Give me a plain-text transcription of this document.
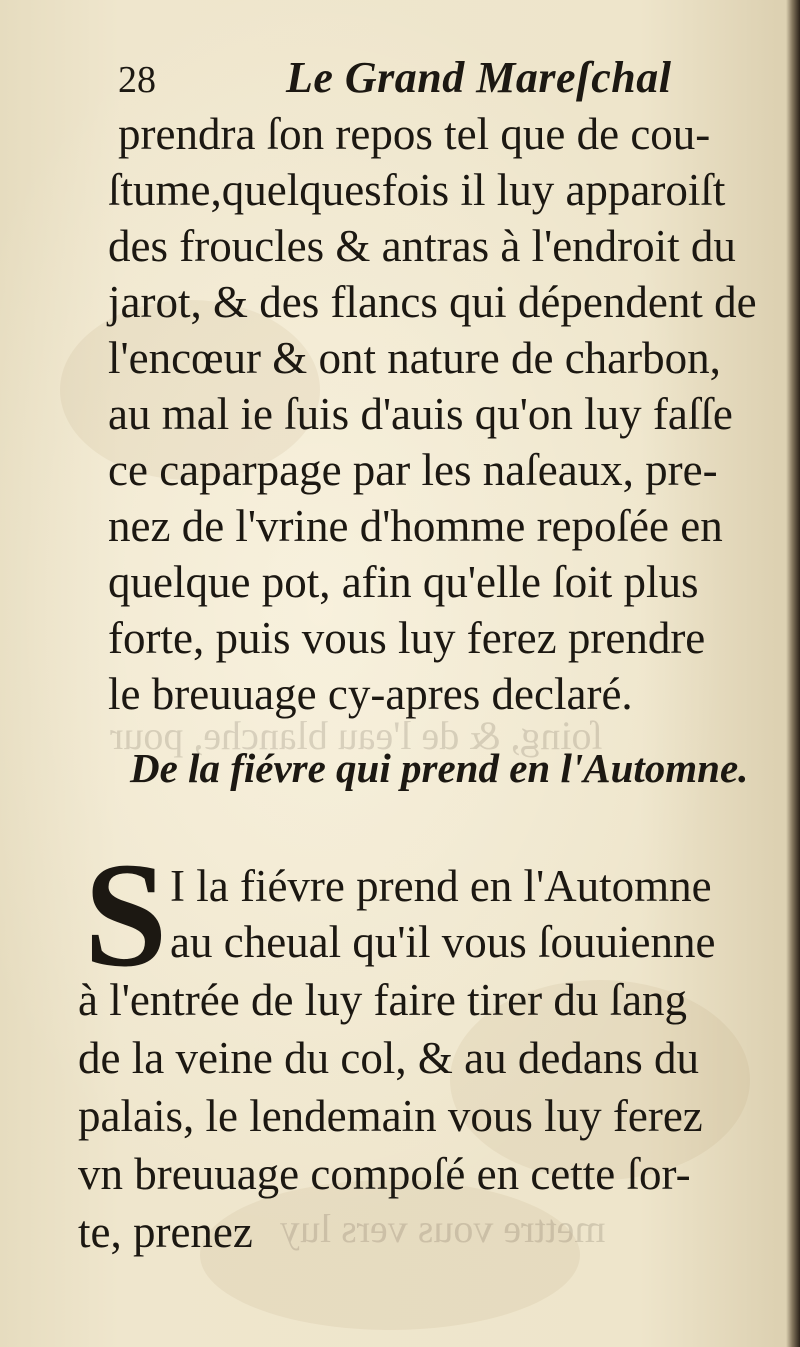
ſoing, & de l'eau blanche, pour
mettre vous vers luy
28	Le Grand Mareſchal
prendra ſon repos tel que de cou-
ſtume,quelquesfois il luy apparoiſt
des froucles & antras à l'endroit du
jarot, & des flancs qui dépendent de
l'encœur & ont nature de charbon,
au mal ie ſuis d'auis qu'on luy faſſe
ce caparpage par les naſeaux, pre-
nez de l'vrine d'homme repoſée en
quelque pot, afin qu'elle ſoit plus
forte, puis vous luy ferez prendre
le breuuage cy-apres declaré.
De la fiévre qui prend en l'Automne.
S I la fiévre prend en l'Automne
au cheual qu'il vous ſouuienne
à l'entrée de luy faire tirer du ſang
de la veine du col, & au dedans du
palais, le lendemain vous luy ferez
vn breuuage compoſé en cette ſor-
te, prenez
